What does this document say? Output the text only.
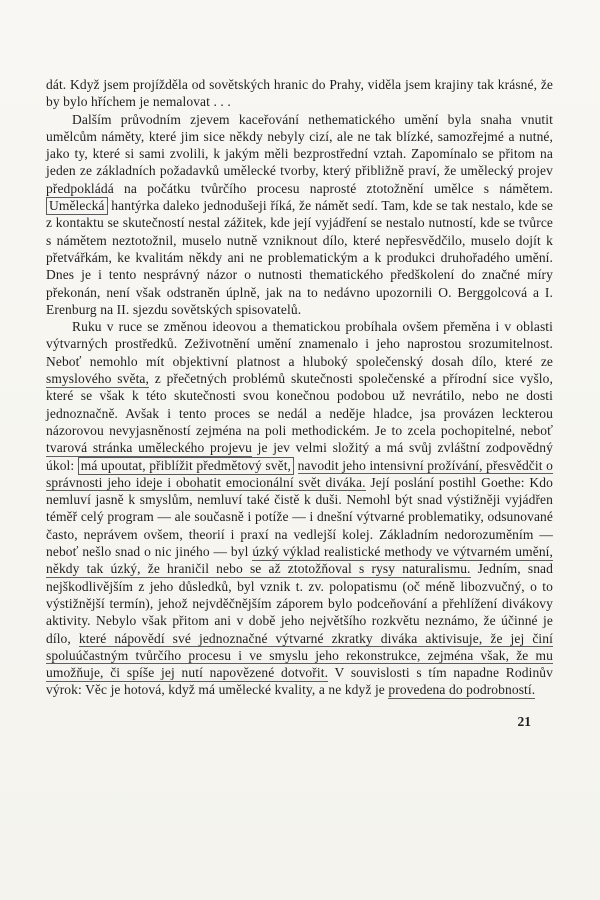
dát. Když jsem projížděla od sovětských hranic do Prahy, viděla jsem krajiny tak krásné, že by bylo hříchem je nemalovat . . .

Dalším průvodním zjevem kaceřování nethematického umění byla snaha vnutit umělcům náměty, které jim sice někdy nebyly cizí, ale ne tak blízké, samozřejmé a nutné, jako ty, které si sami zvolili, k jakým měli bezprostřední vztah. Zapomínalo se přitom na jeden ze základních požadavků umělecké tvorby, který přibližně praví, že umělecký projev předpokládá na počátku tvůrčího procesu naprosté ztotožnění umělce s námětem. Umělecká hantýrka daleko jednodušeji říká, že námět sedí. Tam, kde se tak nestalo, kde se z kontaktu se skutečností nestal zážitek, kde její vyjádření se nestalo nutností, kde se tvůrce s námětem neztotožnil, muselo nutně vzniknout dílo, které nepřesvědčilo, muselo dojít k přetvářkám, ke kvalitám někdy ani ne problematickým a k produkci druhořadého umění. Dnes je i tento nesprávný názor o nutnosti thematického předškolení do značné míry překonán, není však odstraněn úplně, jak na to nedávno upozornili O. Berggolcová a I. Erenburg na II. sjezdu sovětských spisovatelů.

Ruku v ruce se změnou ideovou a thematickou probíhala ovšem přeměna i v oblasti výtvarných prostředků. Zeživotnění umění znamenalo i jeho naprostou srozumitelnost. Neboť nemohlo mít objektivní platnost a hluboký společenský dosah dílo, které ze smyslového světa, z přečetných problémů skutečnosti společenské a přírodní sice vyšlo, které se však k této skutečnosti svou konečnou podobou už nevrátilo, nebo ne dosti jednoznačně. Avšak i tento proces se nedál a neděje hladce, jsa provázen leckterou názorovou nevyjasněností zejména na poli methodickém. Je to zcela pochopitelné, neboť tvarová stránka uměleckého projevu je jev velmi složitý a má svůj zvláštní zodpovědný úkol: má upoutat, přiblížit předmětový svět, navodit jeho intensivní prožívání, přesvědčit o správnosti jeho ideje i obohatit emocionální svět diváka. Její poslání postihl Goethe: Kdo nemluví jasně k smyslům, nemluví také čistě k duši. Nemohl být snad výstižněji vyjádřen téměř celý program — ale současně i potíže — i dnešní výtvarné problematiky, odsunované často, neprávem ovšem, theorií i praxí na vedlejší kolej. Základním nedorozuměním — neboť nešlo snad o nic jiného — byl úzký výklad realistické methody ve výtvarném umění, někdy tak úzký, že hraničil nebo se až ztotožňoval s rysy naturalismu. Jedním, snad nejškodlivějším z jeho důsledků, byl vznik t. zv. polopatismu (oč méně libozvučný, o to výstižnější termín), jehož nejvděčnějším záporem bylo podceňování a přehlížení divákovy aktivity. Nebylo však přitom ani v době jeho největšího rozkvětu neznámo, že účinné je dílo, které nápovědí své jednoznačné výtvarné zkratky diváka aktivisuje, že jej činí spoluúčastným tvůrčího procesu i ve smyslu jeho rekonstrukce, zejména však, že mu umožňuje, či spíše jej nutí napovězené dotvořit. V souvislosti s tím napadne Rodinův výrok: Věc je hotová, když má umělecké kvality, a ne když je provedena do podrobností.

21
